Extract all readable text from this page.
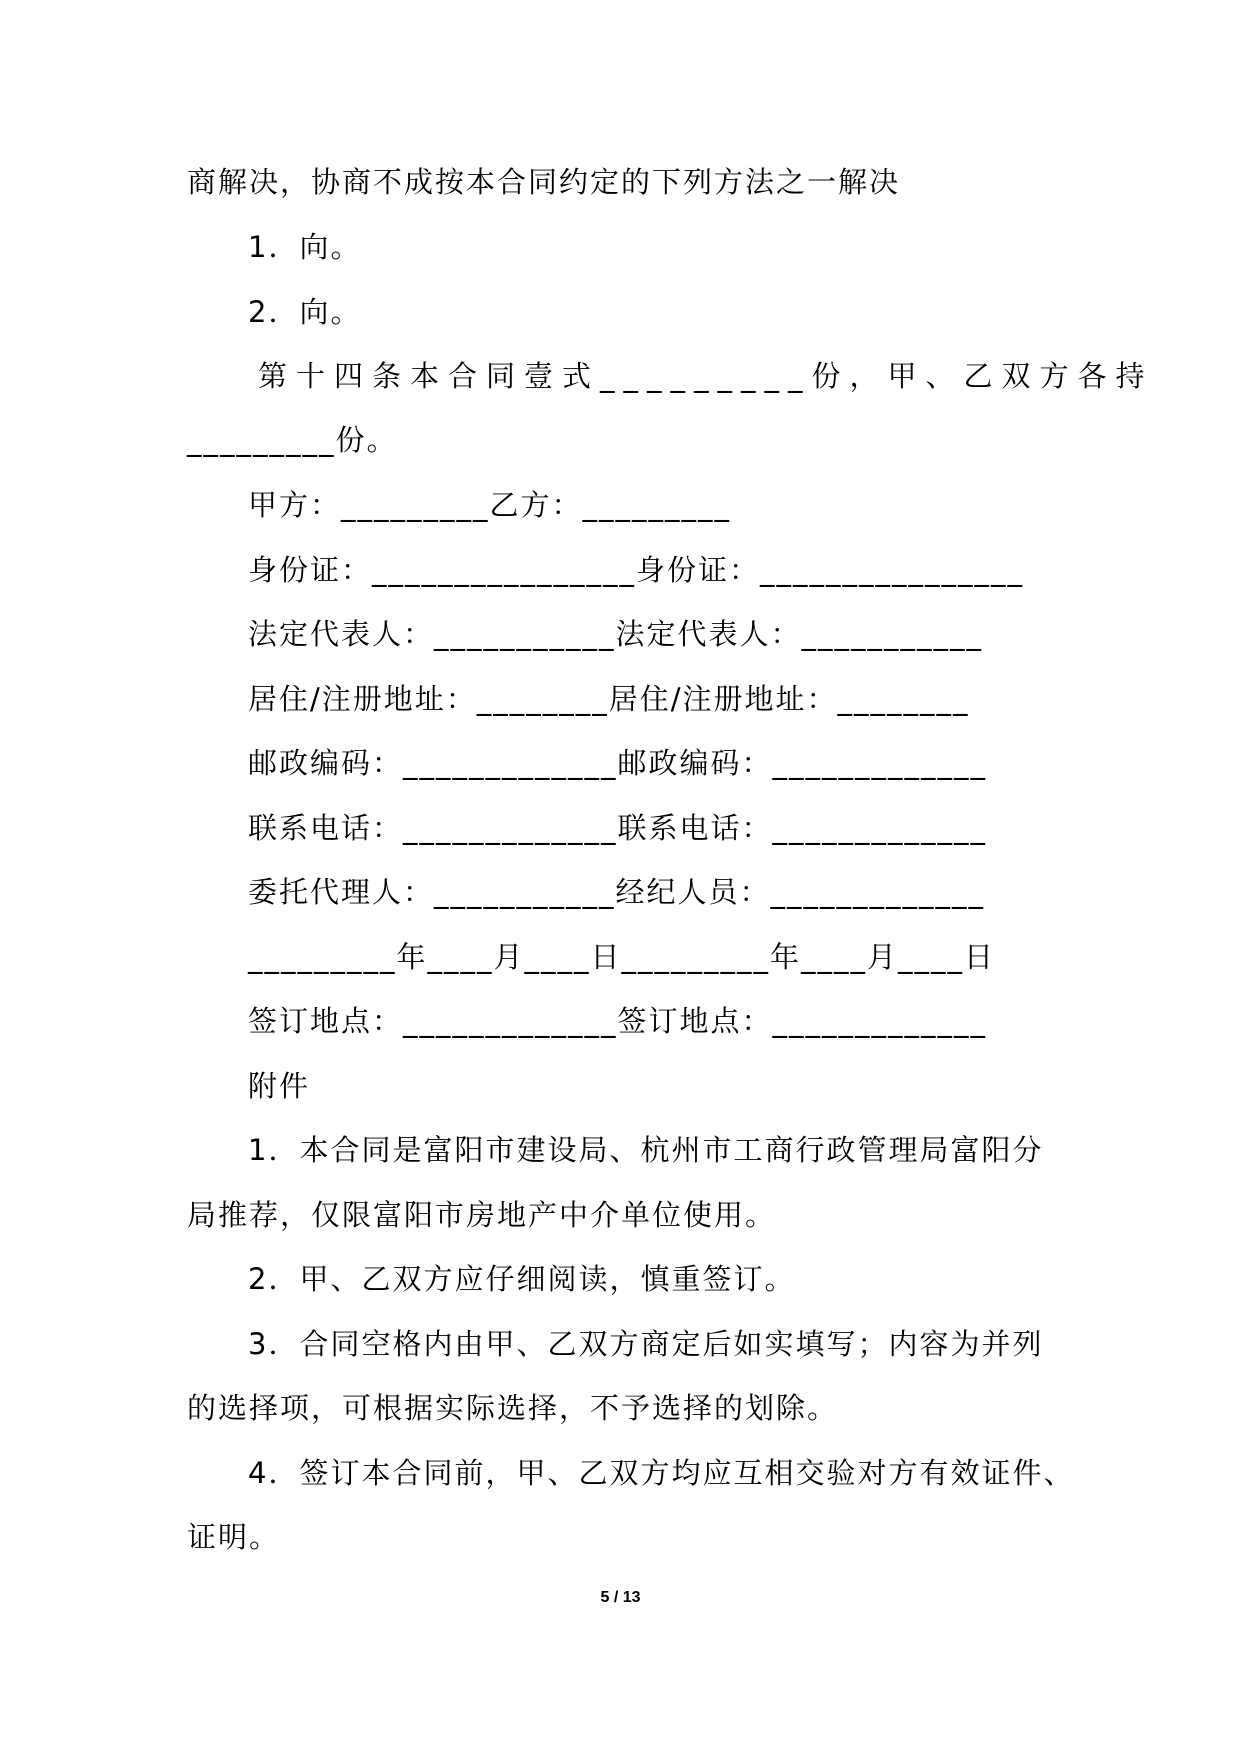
商解决，协商不成按本合同约定的下列方法之一解决
1．向。
2．向。
第十四条本合同壹式_________份，甲、乙双方各持
_________份。
甲方：_________乙方：_________
身份证：________________身份证：________________
法定代表人：___________法定代表人：___________
居住/注册地址：________居住/注册地址：________
邮政编码：_____________邮政编码：_____________
联系电话：_____________联系电话：_____________
委托代理人：___________经纪人员：_____________
_________年____月____日_________年____月____日
签订地点：_____________签订地点：_____________
附件
1．本合同是富阳市建设局、杭州市工商行政管理局富阳分
局推荐，仅限富阳市房地产中介单位使用。
2．甲、乙双方应仔细阅读，慎重签订。
3．合同空格内由甲、乙双方商定后如实填写；内容为并列
的选择项，可根据实际选择，不予选择的划除。
4．签订本合同前，甲、乙双方均应互相交验对方有效证件、
证明。
5 / 13
